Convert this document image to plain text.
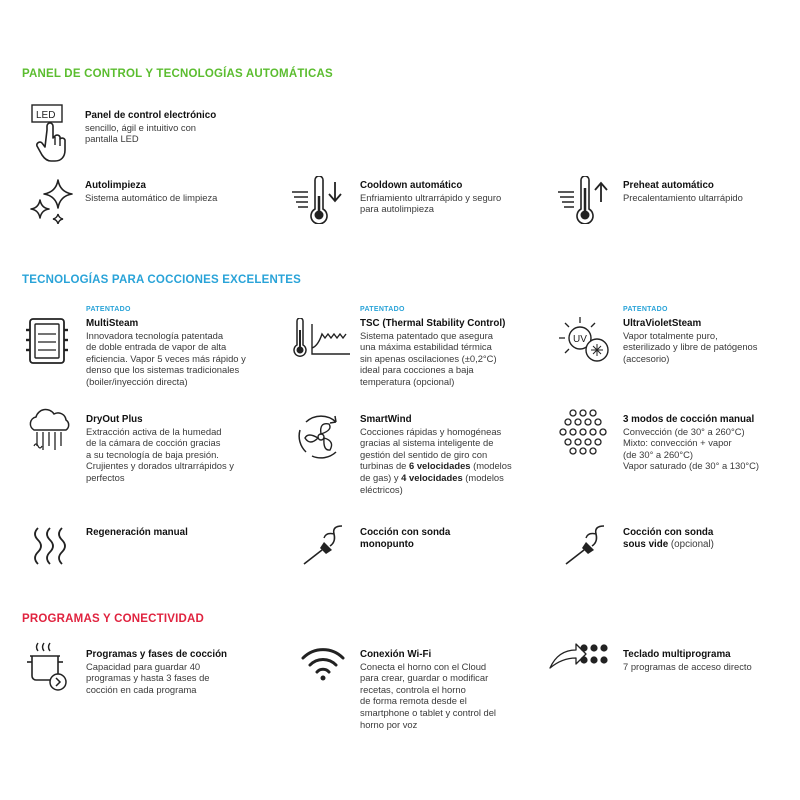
PANEL DE CONTROL Y TECNOLOGÍAS AUTOMÁTICAS
LED	Panel de control electrónico
sencillo, ágil e intuitivo con
pantalla LED
Autolimpieza
Sistema automático de limpieza
Cooldown automático
Enfriamiento ultrarrápido y seguro
para autolimpieza
Preheat automático
Precalentamiento ultarrápido
TECNOLOGÍAS PARA COCCIONES EXCELENTES
PATENTADO	PATENTADO	PATENTADO
MultiSteam
Innovadora tecnología patentada
de doble entrada de vapor de alta
eficiencia. Vapor 5 veces más rápido y
denso que los sistemas tradicionales
(boiler/inyección directa)
TSC (Thermal Stability Control)
Sistema patentado que asegura
una máxima estabilidad térmica
sin apenas oscilaciones (±0,2°C)
ideal para cocciones a baja
temperatura (opcional)
UV
UltraVioletSteam
Vapor totalmente puro,
esterilizado y libre de patógenos
(accesorio)
DryOut Plus
Extracción activa de la humedad
de la cámara de cocción gracias
a su tecnología de baja presión.
Crujientes y dorados ultrarrápidos y
perfectos
SmartWind
Cocciones rápidas y homogéneas
gracias al sistema inteligente de
gestión del sentido de giro con
turbinas de 6 velocidades (modelos
de gas) y 4 velocidades (modelos
eléctricos)
3 modos de cocción manual
Convección (de 30° a 260°C)
Mixto: convección + vapor
(de 30° a 260°C)
Vapor saturado (de 30° a 130°C)
Regeneración manual	Cocción con sonda
monopunto
Cocción con sonda
sous vide (opcional)
PROGRAMAS Y CONECTIVIDAD
Programas y fases de cocción
Capacidad para guardar 40
programas y hasta 3 fases de
cocción en cada programa
Conexión Wi-Fi
Conecta el horno con el Cloud
para crear, guardar o modificar
recetas, controla el horno
de forma remota desde el
smartphone o tablet y control del
horno por voz
Teclado multiprograma
7 programas de acceso directo
